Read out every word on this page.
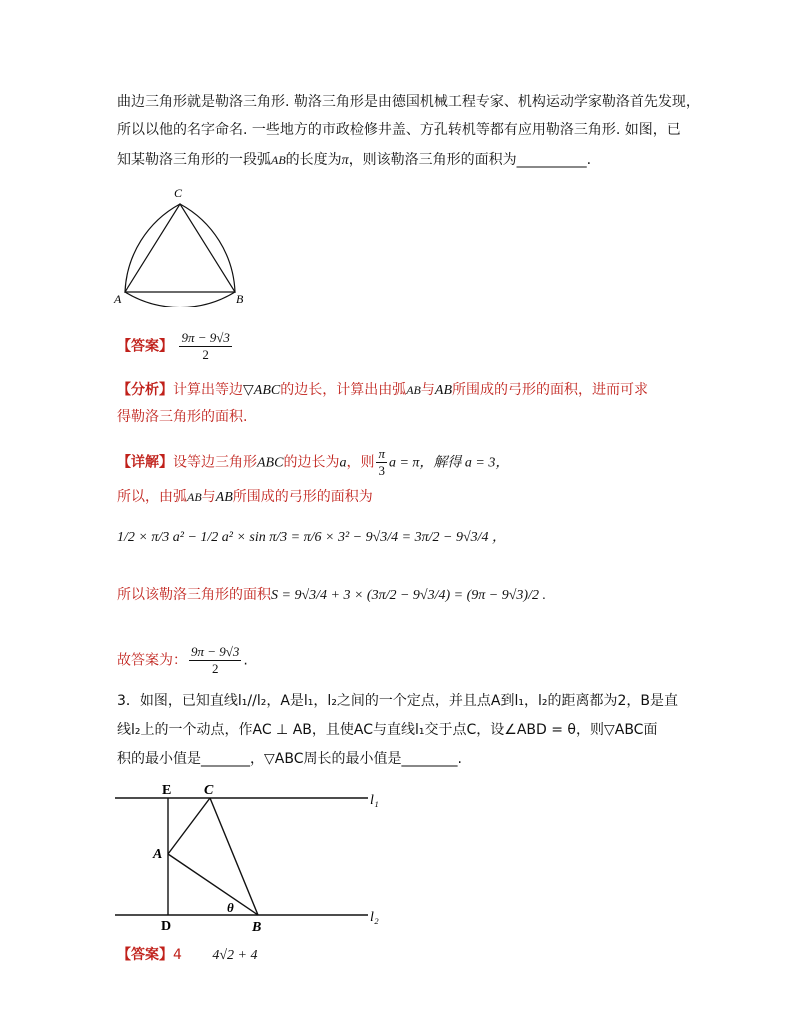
曲边三角形就是勒洛三角形. 勒洛三角形是由德国机械工程专家、机构运动学家勒洛首先发现，
所以以他的名字命名. 一些地方的市政检修井盖、方孔转机等都有应用勒洛三角形. 如图，已
知某勒洛三角形的一段弧AB的长度为π，则该勒洛三角形的面积为__________.
A	B
C
【答案】 $\frac{9\pi - 9√3}{2}$
【分析】计算出等边▽ABC的边长，计算出由弧AB与AB所围成的弓形的面积，进而可求
得勒洛三角形的面积.
【详解】设等边三角形ABC的边长为a，则 $\frac{\pi}{3}$ a = π，解得 a = 3，
所以，由弧AB与AB所围成的弓形的面积为
1/2 × π/3 a² − 1/2 a² × sin π/3 = π/6 × 3² − 9√3/4 = 3π/2 − 9√3/4 ，
所以该勒洛三角形的面积S = 9√3/4 + 3 × (3π/2 − 9√3/4) = (9π − 9√3)/2 .
故答案为： $\frac{9\pi - 9√3}{2}$ .
3．如图，已知直线l₁//l₂，A是l₁，l₂之间的一个定点，并且点A到l₁，l₂的距离都为2，B是直
线l₂上的一个动点，作AC ⊥ AB，且使AC与直线l₁交于点C，设∠ABD = θ，则▽ABC面
积的最小值是_______，▽ABC周长的最小值是________.
E C
A
D	B
θ
l₁
l₂
【答案】4 4√2 + 4
